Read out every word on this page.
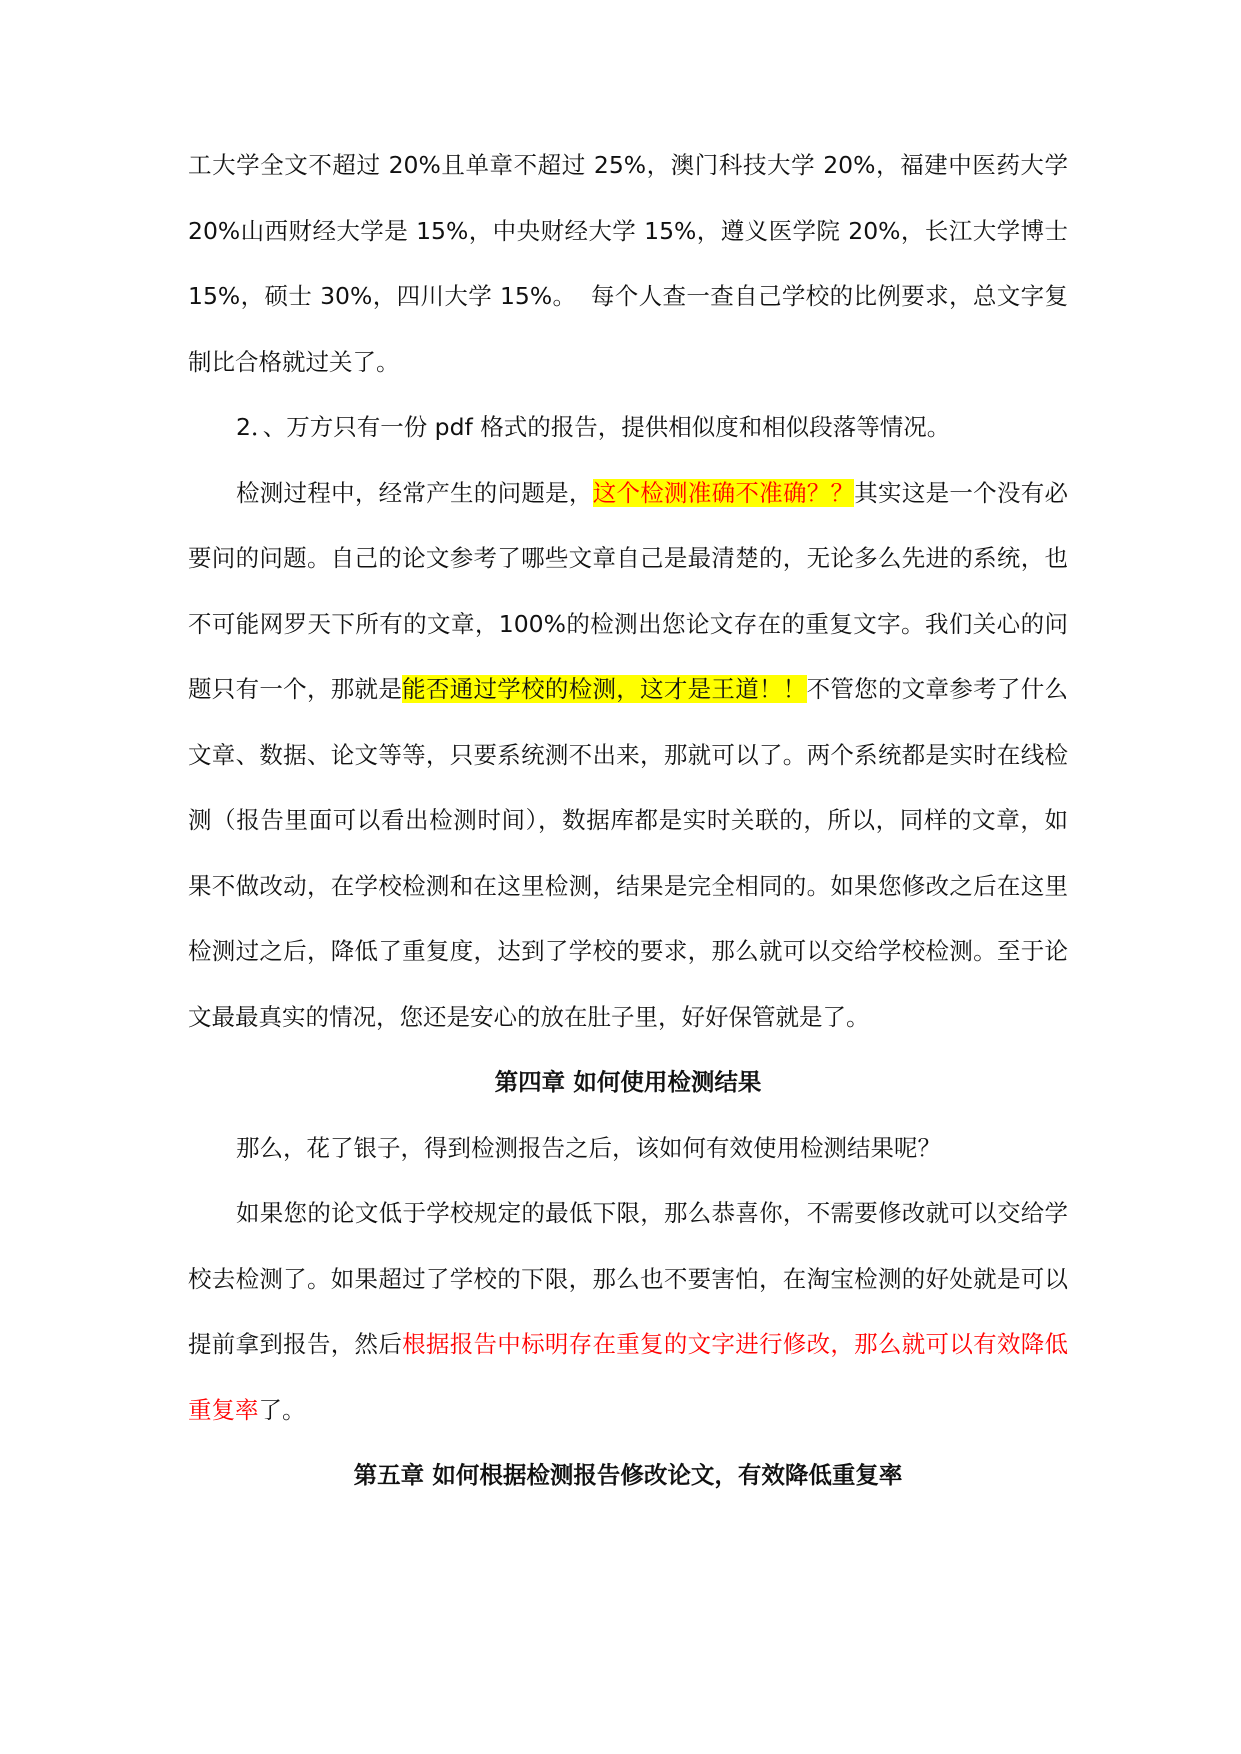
工大学全文不超过 20%且单章不超过 25%，澳门科技大学 20%，福建中医药大学 20%山西财经大学是 15%，中央财经大学 15%，遵义医学院 20%，长江大学博士 15%，硕士 30%，四川大学 15%。 每个人查一查自己学校的比例要求，总文字复制比合格就过关了。

2．、万方只有一份 pdf 格式的报告，提供相似度和相似段落等情况。

检测过程中，经常产生的问题是，这个检测准确不准确？？其实这是一个没有必要问的问题。自己的论文参考了哪些文章自己是最清楚的，无论多么先进的系统，也不可能网罗天下所有的文章，100%的检测出您论文存在的重复文字。我们关心的问题只有一个，那就是能否通过学校的检测，这才是王道！！不管您的文章参考了什么文章、数据、论文等等，只要系统测不出来，那就可以了。两个系统都是实时在线检测（报告里面可以看出检测时间），数据库都是实时关联的，所以，同样的文章，如果不做改动，在学校检测和在这里检测，结果是完全相同的。如果您修改之后在这里检测过之后，降低了重复度，达到了学校的要求，那么就可以交给学校检测。至于论文最最真实的情况，您还是安心的放在肚子里，好好保管就是了。

第四章 如何使用检测结果

那么，花了银子，得到检测报告之后，该如何有效使用检测结果呢？

如果您的论文低于学校规定的最低下限，那么恭喜你，不需要修改就可以交给学校去检测了。如果超过了学校的下限，那么也不要害怕，在淘宝检测的好处就是可以提前拿到报告，然后根据报告中标明存在重复的文字进行修改，那么就可以有效降低重复率了。

第五章 如何根据检测报告修改论文，有效降低重复率
